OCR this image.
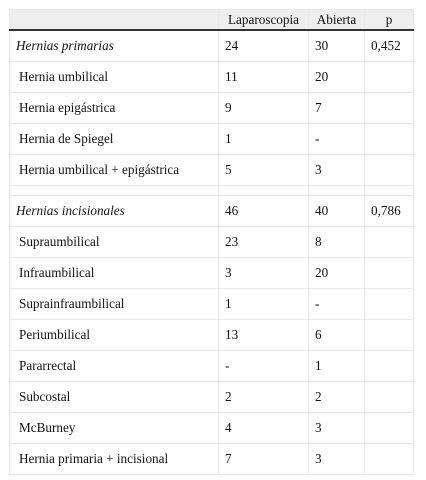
	Laparoscopia	Abierta	p
Hernias primarias	24	30	0,452
Hernia umbilical	11	20	
Hernia epigástrica	9	7	
Hernia de Spiegel	1	-	
Hernia umbilical + epigástrica	5	3	

Hernias incisionales	46	40	0,786
Supraumbilical	23	8	
Infraumbilical	3	20	
Suprainfraumbilical	1	-	
Periumbilical	13	6	
Pararrectal	-	1	
Subcostal	2	2	
McBurney	4	3	
Hernia primaria + incisional	7	3	
